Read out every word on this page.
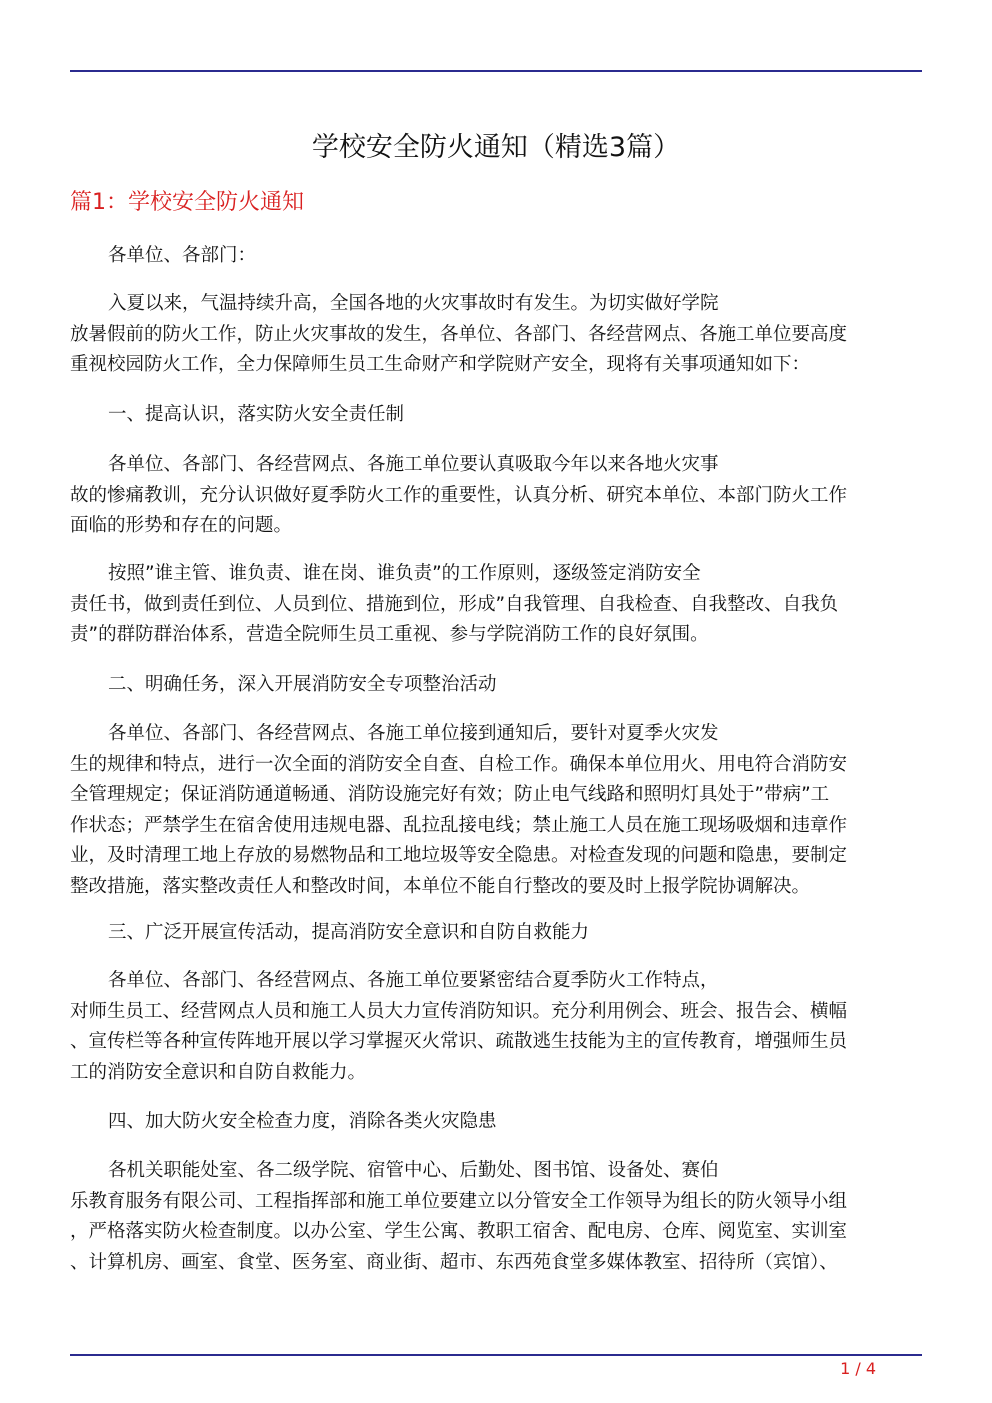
学校安全防火通知（精选3篇）
篇1：学校安全防火通知

各单位、各部门：

入夏以来，气温持续升高，全国各地的火灾事故时有发生。为切实做好学院
放暑假前的防火工作，防止火灾事故的发生，各单位、各部门、各经营网点、各施工单位要高度
重视校园防火工作，全力保障师生员工生命财产和学院财产安全，现将有关事项通知如下：

一、提高认识，落实防火安全责任制

各单位、各部门、各经营网点、各施工单位要认真吸取今年以来各地火灾事
故的惨痛教训，充分认识做好夏季防火工作的重要性，认真分析、研究本单位、本部门防火工作
面临的形势和存在的问题。

按照”谁主管、谁负责、谁在岗、谁负责”的工作原则，逐级签定消防安全
责任书，做到责任到位、人员到位、措施到位，形成”自我管理、自我检查、自我整改、自我负
责”的群防群治体系，营造全院师生员工重视、参与学院消防工作的良好氛围。

二、明确任务，深入开展消防安全专项整治活动

各单位、各部门、各经营网点、各施工单位接到通知后，要针对夏季火灾发
生的规律和特点，进行一次全面的消防安全自查、自检工作。确保本单位用火、用电符合消防安
全管理规定；保证消防通道畅通、消防设施完好有效；防止电气线路和照明灯具处于”带病”工
作状态；严禁学生在宿舍使用违规电器、乱拉乱接电线；禁止施工人员在施工现场吸烟和违章作
业，及时清理工地上存放的易燃物品和工地垃圾等安全隐患。对检查发现的问题和隐患，要制定
整改措施，落实整改责任人和整改时间，本单位不能自行整改的要及时上报学院协调解决。

三、广泛开展宣传活动，提高消防安全意识和自防自救能力

各单位、各部门、各经营网点、各施工单位要紧密结合夏季防火工作特点，
对师生员工、经营网点人员和施工人员大力宣传消防知识。充分利用例会、班会、报告会、横幅
、宣传栏等各种宣传阵地开展以学习掌握灭火常识、疏散逃生技能为主的宣传教育，增强师生员
工的消防安全意识和自防自救能力。

四、加大防火安全检查力度，消除各类火灾隐患

各机关职能处室、各二级学院、宿管中心、后勤处、图书馆、设备处、赛伯
乐教育服务有限公司、工程指挥部和施工单位要建立以分管安全工作领导为组长的防火领导小组
，严格落实防火检查制度。以办公室、学生公寓、教职工宿舍、配电房、仓库、阅览室、实训室
、计算机房、画室、食堂、医务室、商业街、超市、东西苑食堂多媒体教室、招待所（宾馆）、

1 / 4
